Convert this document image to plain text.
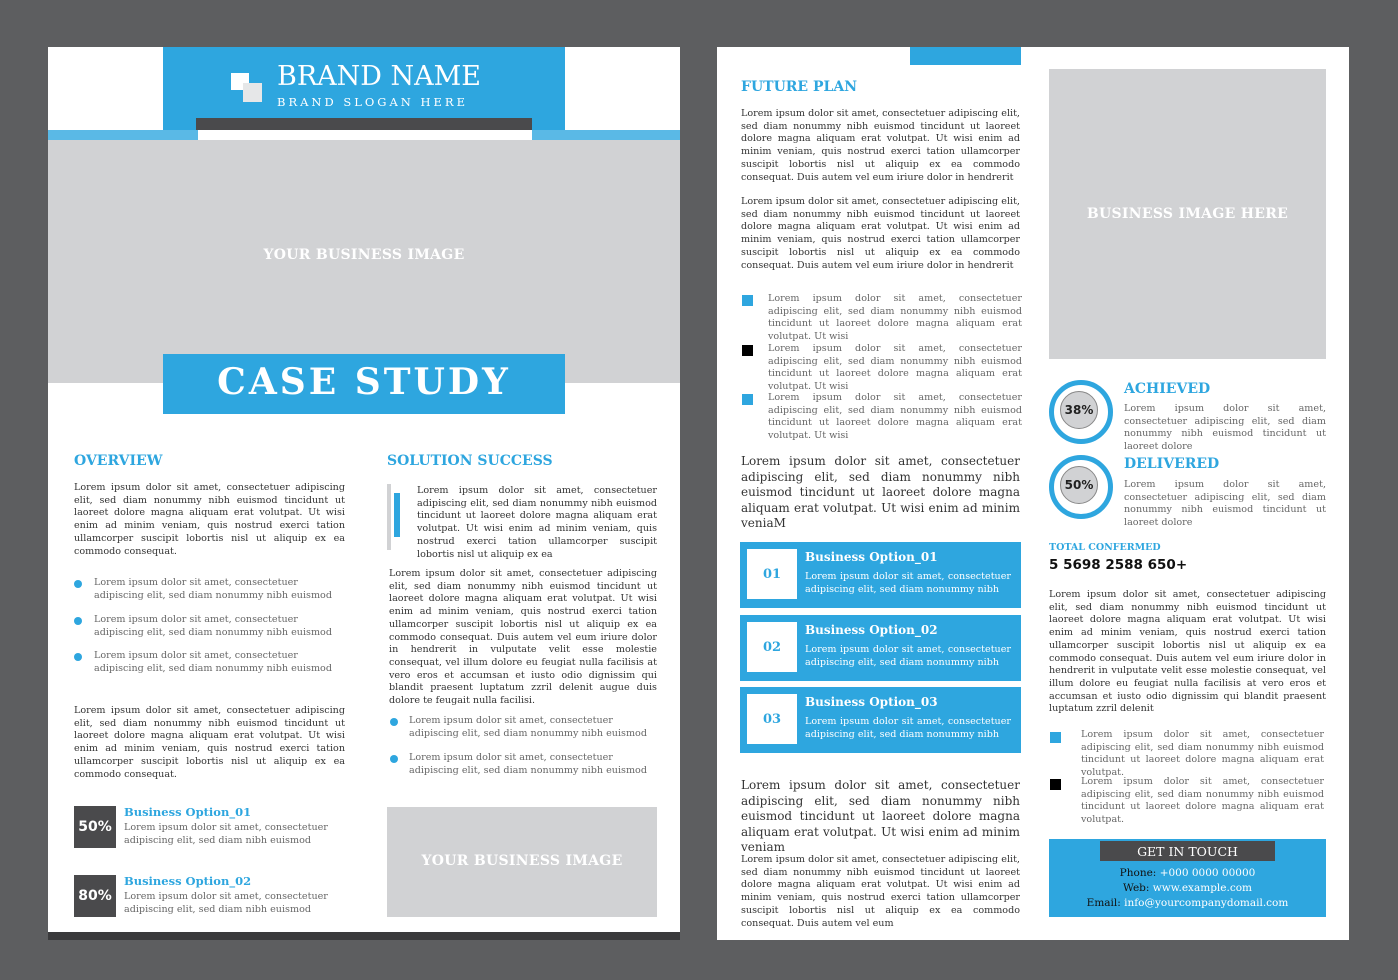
YOUR BUSINESS IMAGE
BRAND NAME
BRAND SLOGAN HERE
CASE STUDY
OVERVIEW
Lorem ipsum dolor sit amet, consectetuer adipiscing elit, sed diam nonummy nibh euismod tincidunt ut laoreet dolore magna aliquam erat volutpat. Ut wisi enim ad minim veniam, quis nostrud exerci tation ullamcorper suscipit lobortis nisl ut aliquip ex ea commodo consequat.
Lorem ipsum dolor sit amet, consectetuer adipiscing elit, sed diam nonummy nibh euismod
Lorem ipsum dolor sit amet, consectetuer adipiscing elit, sed diam nonummy nibh euismod
Lorem ipsum dolor sit amet, consectetuer adipiscing elit, sed diam nonummy nibh euismod
Lorem ipsum dolor sit amet, consectetuer adipiscing elit, sed diam nonummy nibh euismod tincidunt ut laoreet dolore magna aliquam erat volutpat. Ut wisi enim ad minim veniam, quis nostrud exerci tation ullamcorper suscipit lobortis nisl ut aliquip ex ea commodo consequat.
50%
Business Option_01
Lorem ipsum dolor sit amet, consectetuer adipiscing elit, sed diam nibh euismod
80%
Business Option_02
Lorem ipsum dolor sit amet, consectetuer adipiscing elit, sed diam nibh euismod
SOLUTION SUCCESS
Lorem ipsum dolor sit amet, consectetuer adipiscing elit, sed diam nonummy nibh euismod tincidunt ut laoreet dolore magna aliquam erat volutpat. Ut wisi enim ad minim veniam, quis nostrud exerci tation ullamcorper suscipit lobortis nisl ut aliquip ex ea
Lorem ipsum dolor sit amet, consectetuer adipiscing elit, sed diam nonummy nibh euismod tincidunt ut laoreet dolore magna aliquam erat volutpat. Ut wisi enim ad minim veniam, quis nostrud exerci tation ullamcorper suscipit lobortis nisl ut aliquip ex ea commodo consequat. Duis autem vel eum iriure dolor in hendrerit in vulputate velit esse molestie consequat, vel illum dolore eu feugiat nulla facilisis at vero eros et accumsan et iusto odio dignissim qui blandit praesent luptatum zzril delenit augue duis dolore te feugait nulla facilisi.
Lorem ipsum dolor sit amet, consectetuer adipiscing elit, sed diam nonummy nibh euismod
Lorem ipsum dolor sit amet, consectetuer adipiscing elit, sed diam nonummy nibh euismod
YOUR BUSINESS IMAGE
FUTURE PLAN
Lorem ipsum dolor sit amet, consectetuer adipiscing elit, sed diam nonummy nibh euismod tincidunt ut laoreet dolore magna aliquam erat volutpat. Ut wisi enim ad minim veniam, quis nostrud exerci tation ullamcorper suscipit lobortis nisl ut aliquip ex ea commodo consequat. Duis autem vel eum iriure dolor in hendrerit
Lorem ipsum dolor sit amet, consectetuer adipiscing elit, sed diam nonummy nibh euismod tincidunt ut laoreet dolore magna aliquam erat volutpat. Ut wisi enim ad minim veniam, quis nostrud exerci tation ullamcorper suscipit lobortis nisl ut aliquip ex ea commodo consequat. Duis autem vel eum iriure dolor in hendrerit
Lorem ipsum dolor sit amet, consectetuer adipiscing elit, sed diam nonummy nibh euismod tincidunt ut laoreet dolore magna aliquam erat volutpat. Ut wisi
Lorem ipsum dolor sit amet, consectetuer adipiscing elit, sed diam nonummy nibh euismod tincidunt ut laoreet dolore magna aliquam erat volutpat. Ut wisi
Lorem ipsum dolor sit amet, consectetuer adipiscing elit, sed diam nonummy nibh euismod tincidunt ut laoreet dolore magna aliquam erat volutpat. Ut wisi
Lorem ipsum dolor sit amet, consectetuer adipiscing elit, sed diam nonummy nibh euismod tincidunt ut laoreet dolore magna aliquam erat volutpat. Ut wisi enim ad minim veniaM
01
Business Option_01
Lorem ipsum dolor sit amet, consectetuer adipiscing elit, sed diam nonummy nibh
02
Business Option_02
Lorem ipsum dolor sit amet, consectetuer adipiscing elit, sed diam nonummy nibh
03
Business Option_03
Lorem ipsum dolor sit amet, consectetuer adipiscing elit, sed diam nonummy nibh
Lorem ipsum dolor sit amet, consectetuer adipiscing elit, sed diam nonummy nibh euismod tincidunt ut laoreet dolore magna aliquam erat volutpat. Ut wisi enim ad minim veniam
Lorem ipsum dolor sit amet, consectetuer adipiscing elit, sed diam nonummy nibh euismod tincidunt ut laoreet dolore magna aliquam erat volutpat. Ut wisi enim ad minim veniam, quis nostrud exerci tation ullamcorper suscipit lobortis nisl ut aliquip ex ea commodo consequat. Duis autem vel eum
BUSINESS IMAGE HERE
38%
ACHIEVED
Lorem ipsum dolor sit amet, consectetuer adipiscing elit, sed diam nonummy nibh euismod tincidunt ut laoreet dolore
50%
DELIVERED
Lorem ipsum dolor sit amet, consectetuer adipiscing elit, sed diam nonummy nibh euismod tincidunt ut laoreet dolore
TOTAL CONFERMED
5 5698 2588 650+
Lorem ipsum dolor sit amet, consectetuer adipiscing elit, sed diam nonummy nibh euismod tincidunt ut laoreet dolore magna aliquam erat volutpat. Ut wisi enim ad minim veniam, quis nostrud exerci tation ullamcorper suscipit lobortis nisl ut aliquip ex ea commodo consequat. Duis autem vel eum iriure dolor in hendrerit in vulputate velit esse molestie consequat, vel illum dolore eu feugiat nulla facilisis at vero eros et accumsan et iusto odio dignissim qui blandit praesent luptatum zzril delenit
Lorem ipsum dolor sit amet, consectetuer adipiscing elit, sed diam nonummy nibh euismod tincidunt ut laoreet dolore magna aliquam erat volutpat.
Lorem ipsum dolor sit amet, consectetuer adipiscing elit, sed diam nonummy nibh euismod tincidunt ut laoreet dolore magna aliquam erat volutpat.
GET IN TOUCH
Phone: +000 0000 00000
Web: www.example.com
Email: info@yourcompanydomail.com
